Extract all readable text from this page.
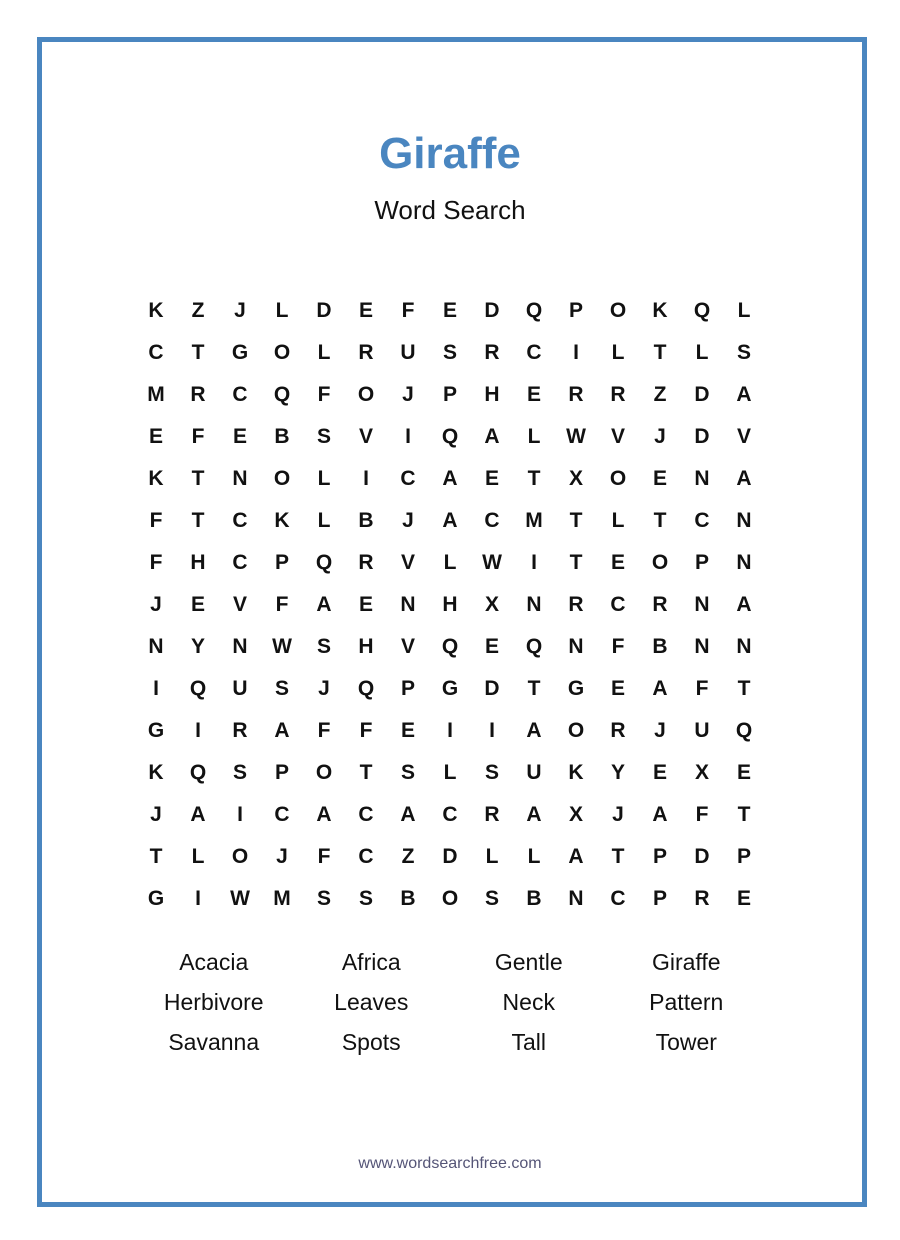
Giraffe
Word Search
K	Z	J	L	D	E	F	E	D	Q	P	O	K	Q	L
C	T	G	O	L	R	U	S	R	C	I	L	T	L	S
M	R	C	Q	F	O	J	P	H	E	R	R	Z	D	A
E	F	E	B	S	V	I	Q	A	L	W	V	J	D	V
K	T	N	O	L	I	C	A	E	T	X	O	E	N	A
F	T	C	K	L	B	J	A	C	M	T	L	T	C	N
F	H	C	P	Q	R	V	L	W	I	T	E	O	P	N
J	E	V	F	A	E	N	H	X	N	R	C	R	N	A
N	Y	N	W	S	H	V	Q	E	Q	N	F	B	N	N
I	Q	U	S	J	Q	P	G	D	T	G	E	A	F	T
G	I	R	A	F	F	E	I	I	A	O	R	J	U	Q
K	Q	S	P	O	T	S	L	S	U	K	Y	E	X	E
J	A	I	C	A	C	A	C	R	A	X	J	A	F	T
T	L	O	J	F	C	Z	D	L	L	A	T	P	D	P
G	I	W	M	S	S	B	O	S	B	N	C	P	R	E
Acacia	Africa	Gentle	Giraffe
Herbivore	Leaves	Neck	Pattern
Savanna	Spots	Tall	Tower
www.wordsearchfree.com
